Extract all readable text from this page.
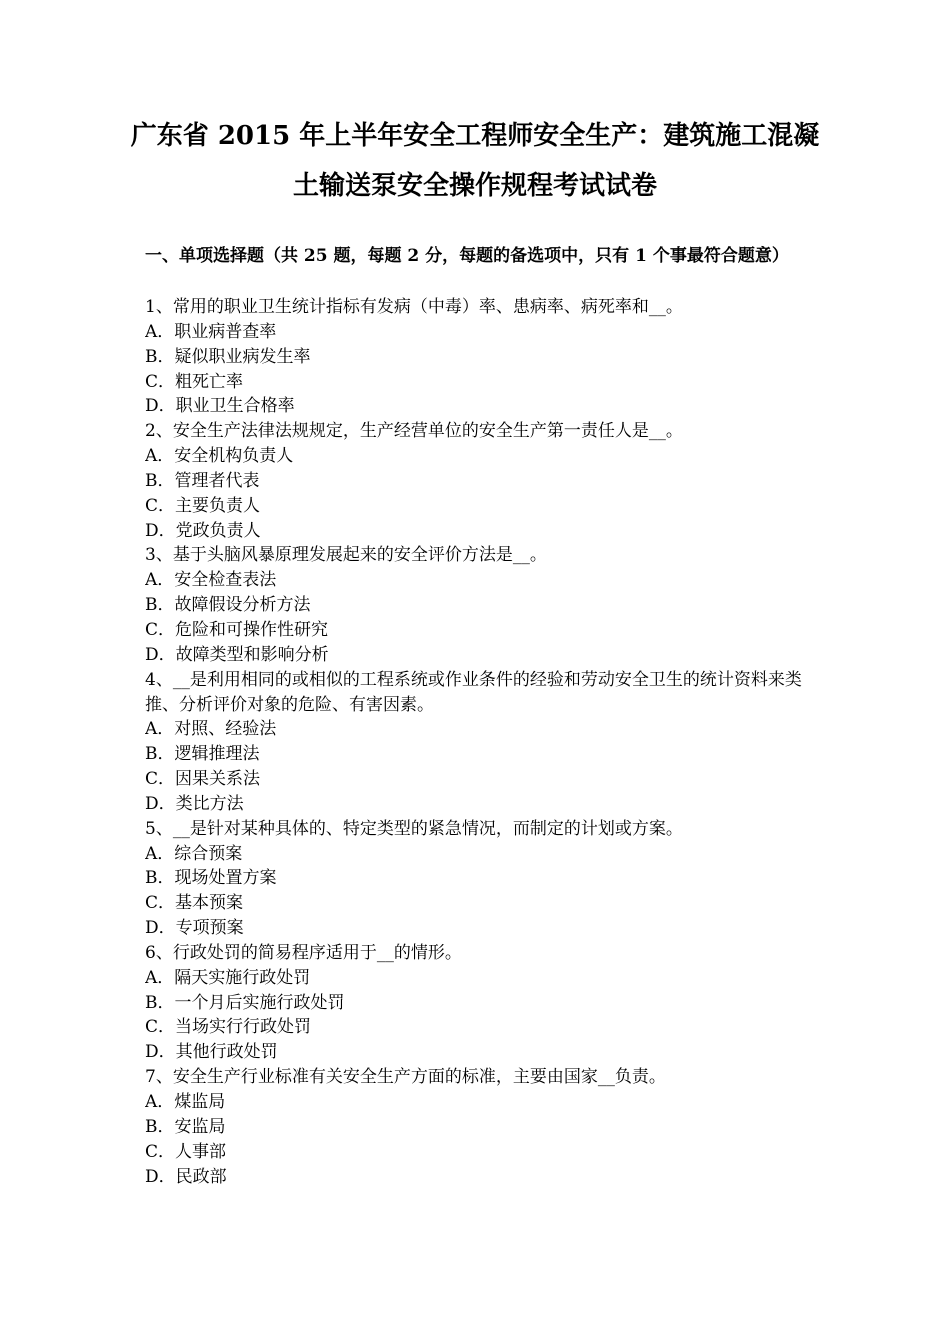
广东省 2015 年上半年安全工程师安全生产：建筑施工混凝
土输送泵安全操作规程考试试卷
一、单项选择题（共 25 题，每题 2 分，每题的备选项中，只有 1 个事最符合题意）
1、常用的职业卫生统计指标有发病（中毒）率、患病率、病死率和__。
A．职业病普查率
B．疑似职业病发生率
C．粗死亡率
D．职业卫生合格率
2、安全生产法律法规规定，生产经营单位的安全生产第一责任人是__。
A．安全机构负责人
B．管理者代表
C．主要负责人
D．党政负责人
3、基于头脑风暴原理发展起来的安全评价方法是__。
A．安全检查表法
B．故障假设分析方法
C．危险和可操作性研究
D．故障类型和影响分析
4、__是利用相同的或相似的工程系统或作业条件的经验和劳动安全卫生的统计资料来类推、分析评价对象的危险、有害因素。
A．对照、经验法
B．逻辑推理法
C．因果关系法
D．类比方法
5、__是针对某种具体的、特定类型的紧急情况，而制定的计划或方案。
A．综合预案
B．现场处置方案
C．基本预案
D．专项预案
6、行政处罚的简易程序适用于__的情形。
A．隔天实施行政处罚
B．一个月后实施行政处罚
C．当场实行行政处罚
D．其他行政处罚
7、安全生产行业标准有关安全生产方面的标准，主要由国家__负责。
A．煤监局
B．安监局
C．人事部
D．民政部
